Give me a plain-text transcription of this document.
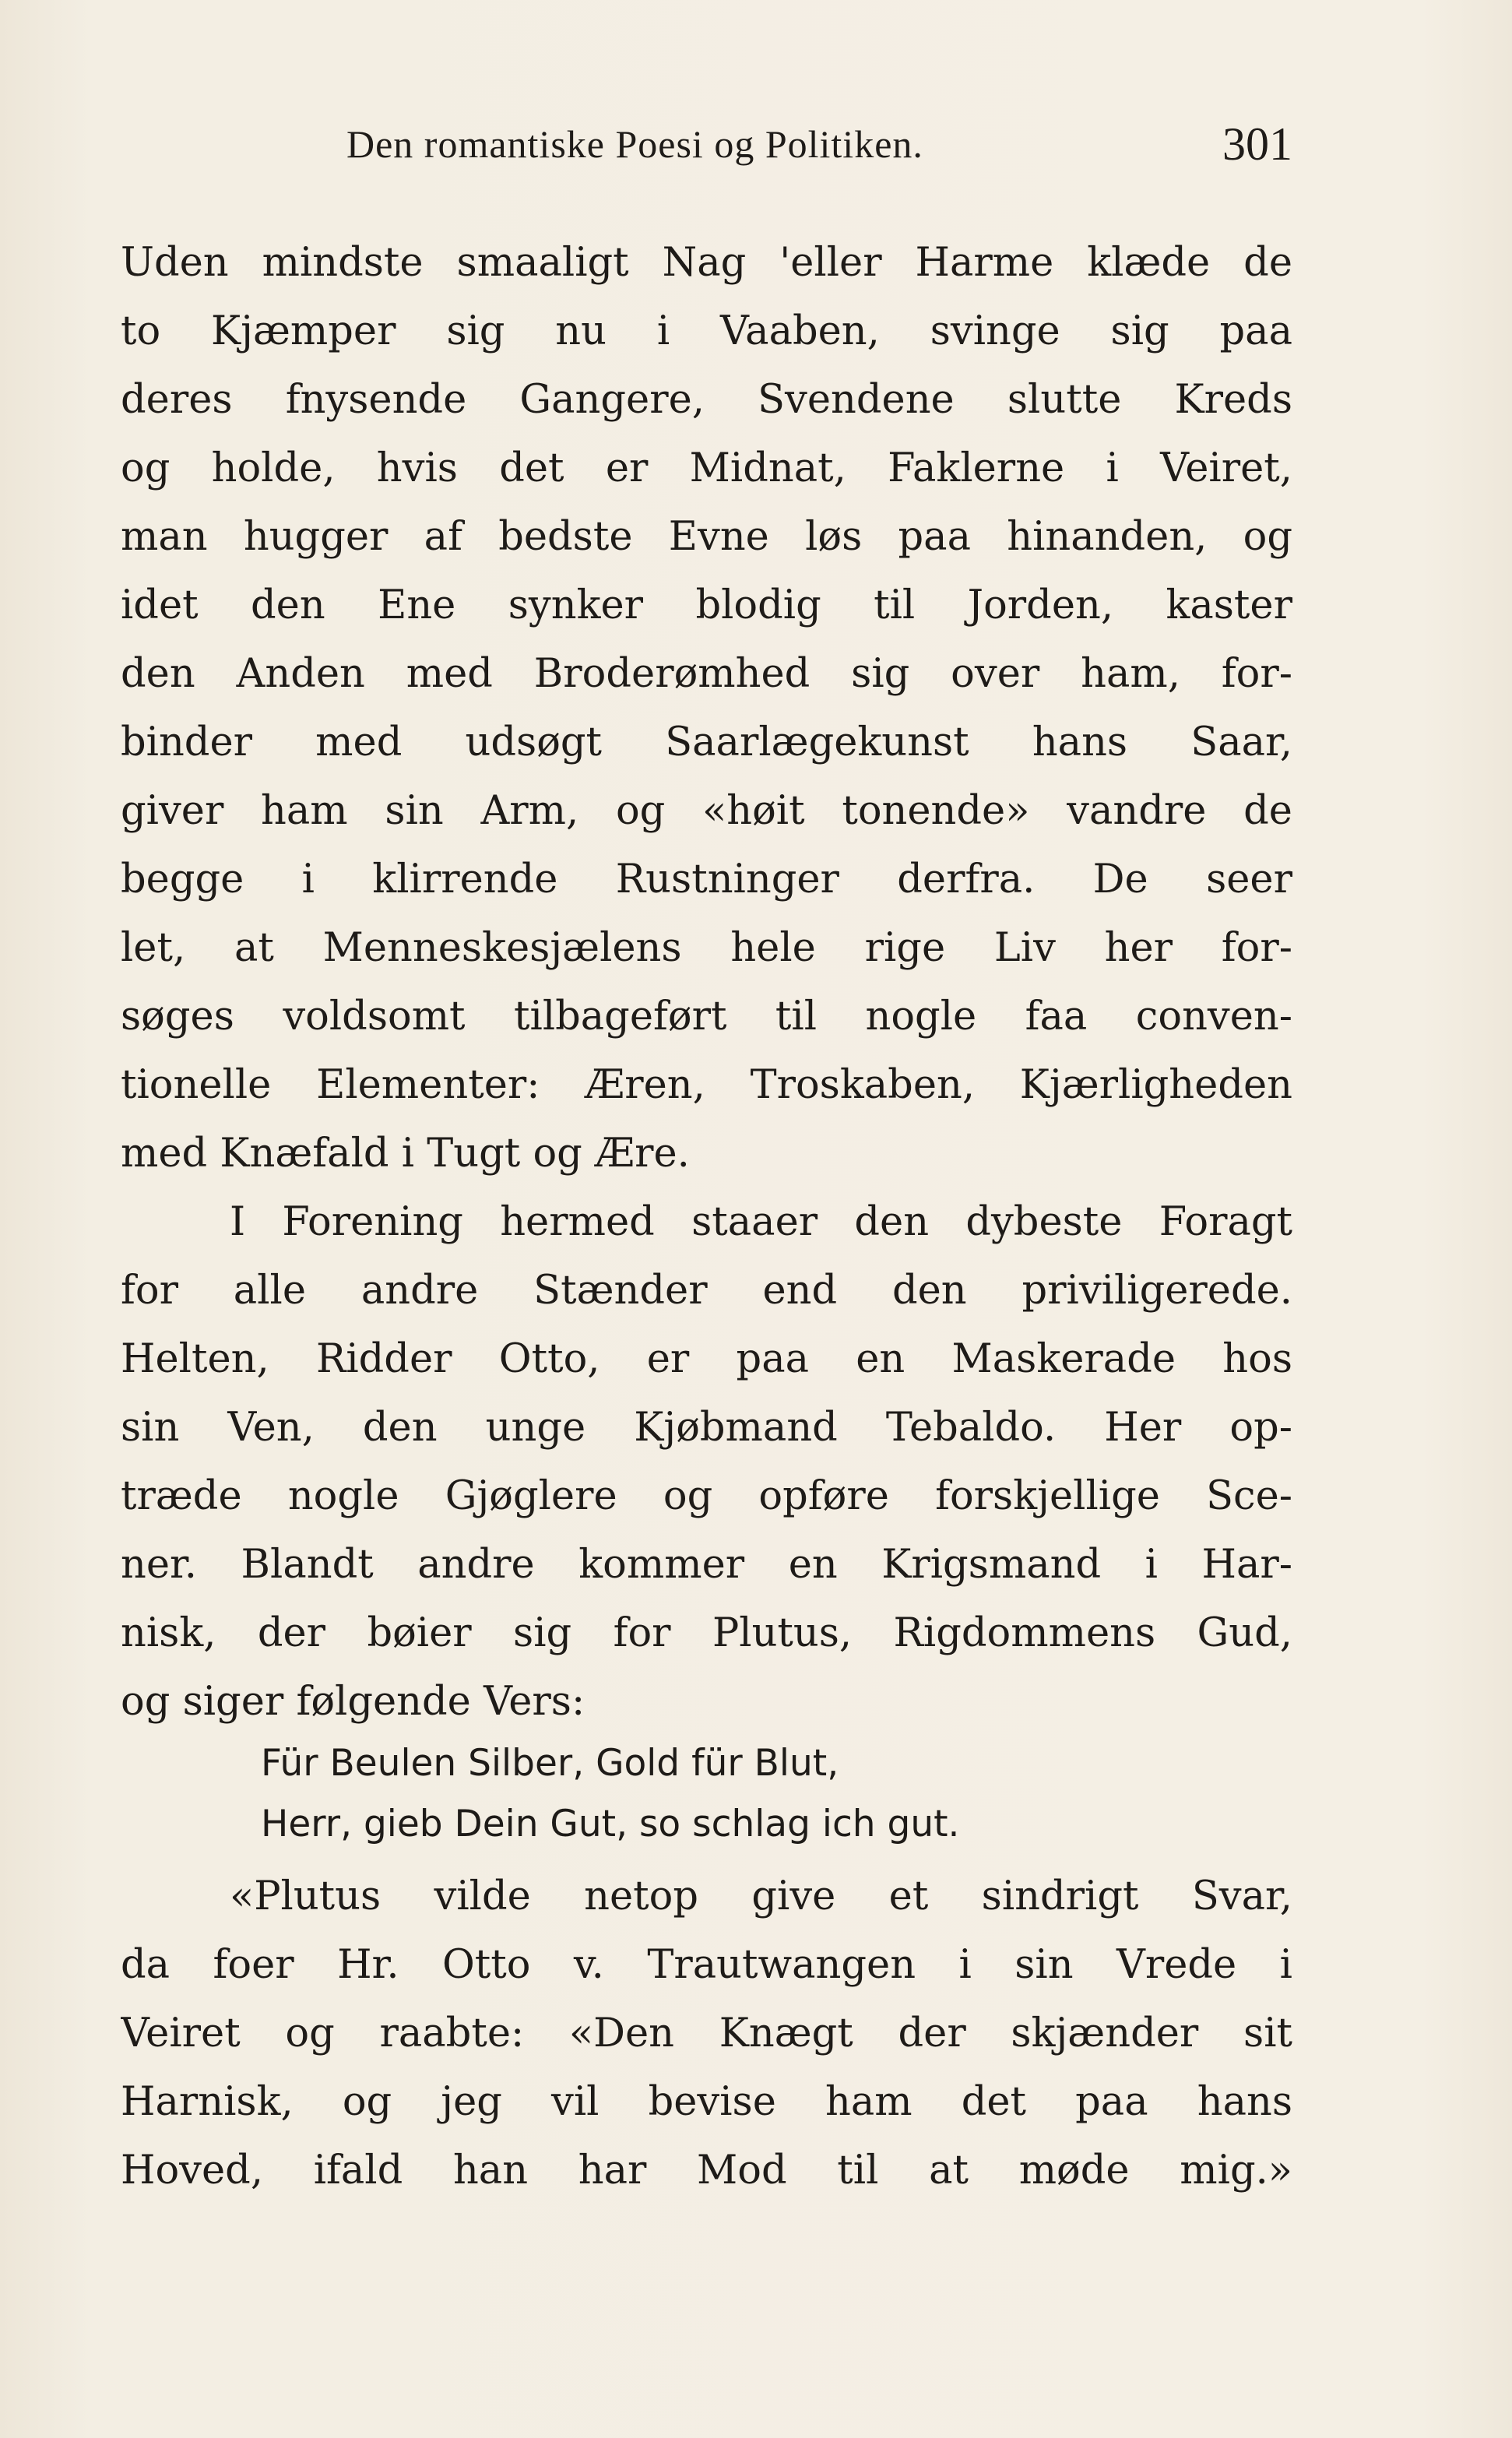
Den romantiske Poesi og Politiken.	301
Uden mindste smaaligt Nag 'eller Harme klæde de
to Kjæmper sig nu i Vaaben, svinge sig paa
deres fnysende Gangere, Svendene slutte Kreds
og holde, hvis det er Midnat, Faklerne i Veiret,
man hugger af bedste Evne løs paa hinanden, og
idet den Ene synker blodig til Jorden, kaster
den Anden med Broderømhed sig over ham, for-
binder med udsøgt Saarlægekunst hans Saar,
giver ham sin Arm, og «høit tonende» vandre de
begge i klirrende Rustninger derfra. De seer
let, at Menneskesjælens hele rige Liv her for-
søges voldsomt tilbageført til nogle faa conven-
tionelle Elementer: Æren, Troskaben, Kjærligheden
med Knæfald i Tugt og Ære.
I Forening hermed staaer den dybeste Foragt
for alle andre Stænder end den priviligerede.
Helten, Ridder Otto, er paa en Maskerade hos
sin Ven, den unge Kjøbmand Tebaldo. Her op-
træde nogle Gjøglere og opføre forskjellige Sce-
ner. Blandt andre kommer en Krigsmand i Har-
nisk, der bøier sig for Plutus, Rigdommens Gud,
og siger følgende Vers:
Für Beulen Silber, Gold für Blut,
Herr, gieb Dein Gut, so schlag ich gut.
«Plutus vilde netop give et sindrigt Svar,
da foer Hr. Otto v. Trautwangen i sin Vrede i
Veiret og raabte: «Den Knægt der skjænder sit
Harnisk, og jeg vil bevise ham det paa hans
Hoved, ifald han har Mod til at møde mig.»
